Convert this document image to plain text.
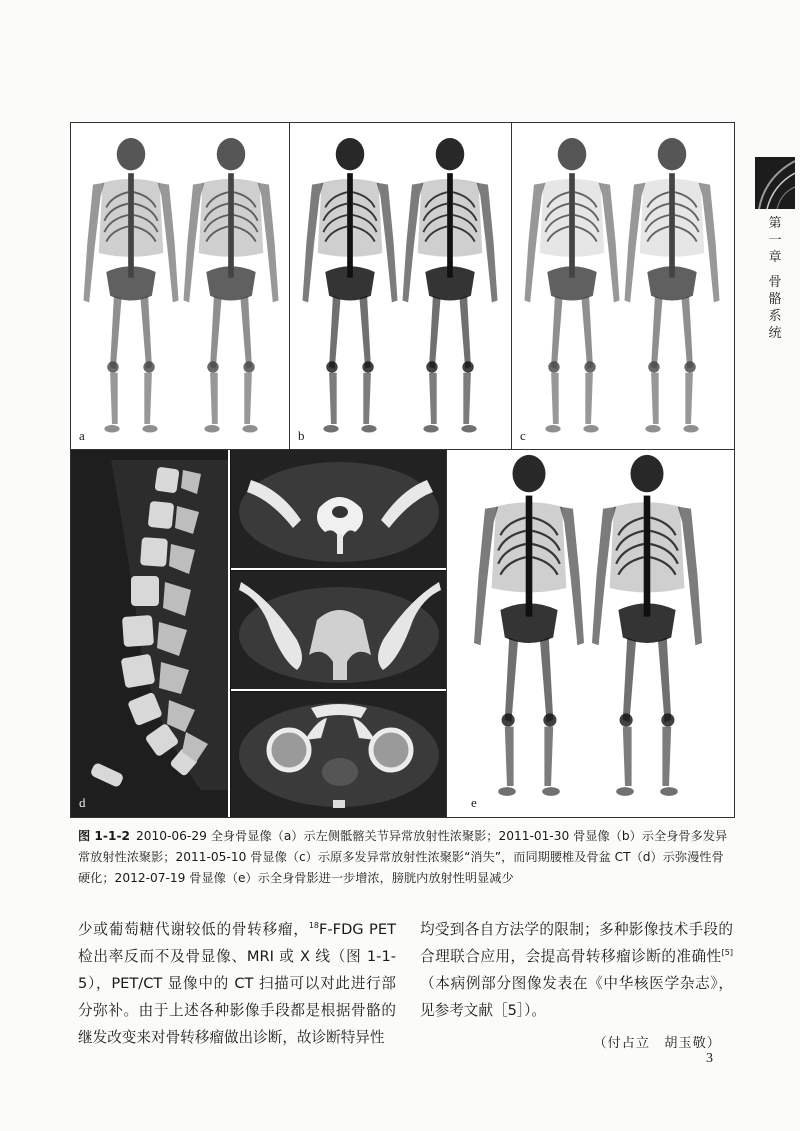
a	b	c
d	e
图 1-1-2 2010-06-29 全身骨显像（a）示左侧骶髂关节异常放射性浓聚影；2011-01-30 骨显像（b）示全身骨多发异常放射性浓聚影；2011-05-10 骨显像（c）示原多发异常放射性浓聚影“消失”，而同期腰椎及骨盆 CT（d）示弥漫性骨硬化；2012-07-19 骨显像（e）示全身骨影进一步增浓，膀胱内放射性明显减少

少或葡萄糖代谢较低的骨转移瘤，$^{18}$F-FDG PET 检出率反而不及骨显像、MRI 或 X 线（图 1-1-5），PET/CT 显像中的 CT 扫描可以对此进行部分弥补。由于上述各种影像手段都是根据骨骼的继发改变来对骨转移瘤做出诊断，故诊断特异性

均受到各自方法学的限制；多种影像技术手段的合理联合应用，会提高骨转移瘤诊断的准确性[5]（本病例部分图像发表在《中华核医学杂志》，见参考文献［5］）。

（付占立　胡玉敬）

第一章
骨骼系统
3
